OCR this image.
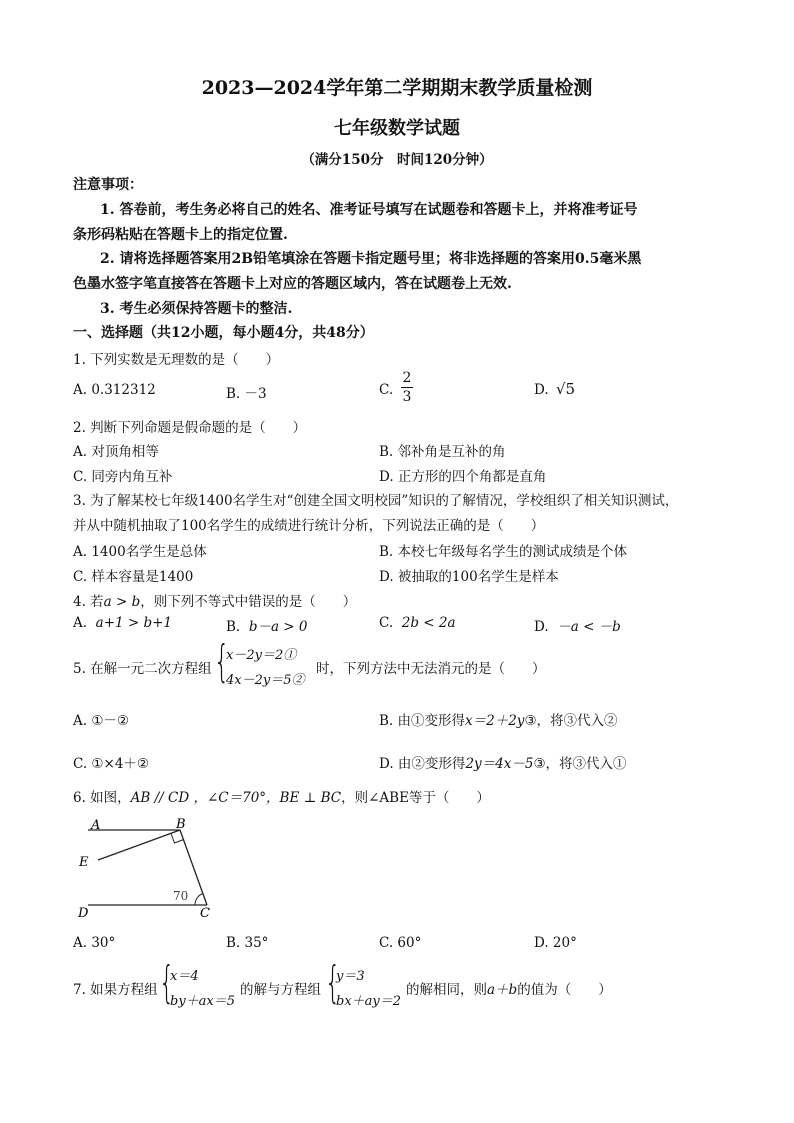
2023—2024学年第二学期期末教学质量检测
七年级数学试题
（满分150分　时间120分钟）
注意事项：
1. 答卷前，考生务必将自己的姓名、准考证号填写在试题卷和答题卡上，并将准考证号
条形码粘贴在答题卡上的指定位置.
2. 请将选择题答案用2B铅笔填涂在答题卡指定题号里；将非选择题的答案用0.5毫米黑
色墨水签字笔直接答在答题卡上对应的答题区域内，答在试题卷上无效.
3. 考生必须保持答题卡的整洁.
一、选择题（共12小题，每小题4分，共48分）
1. 下列实数是无理数的是（　　）
A. 0.312312	B. －3	C.
2
3	D. √5
2. 判断下列命题是假命题的是（　　）
A. 对顶角相等	B. 邻补角是互补的角
C. 同旁内角互补	D. 正方形的四个角都是直角
3. 为了解某校七年级1400名学生对“创建全国文明校园”知识的了解情况，学校组织了相关知识测试，
并从中随机抽取了100名学生的成绩进行统计分析，下列说法正确的是（　　）
A. 1400名学生是总体	B. 本校七年级每名学生的测试成绩是个体
C. 样本容量是1400	D. 被抽取的100名学生是样本
4. 若a > b，则下列不等式中错误的是（　　）
A. a+1 > b+1	B. b－a > 0	C. 2b < 2a	D. －a < －b
5. 在解一元二次方程组 {
x－2y＝2①
4x－2y＝5②
时，下列方法中无法消元的是（　　）
A. ①－②	B. 由①变形得x＝2＋2y③，将③代入②
C. ①×4＋②	D. 由②变形得2y＝4x－5③，将③代入①
6. 如图，AB // CD ，∠C＝70°，BE ⊥ BC，则∠ABE等于（　　）
A	B
E
D	C
70
A. 30°	B. 35°	C. 60°	D. 20°
7. 如果方程组 {
x＝4
by＋ax＝5
的解与方程组 {
y＝3
bx＋ay＝2
的解相同，则a＋b的值为（　　）
